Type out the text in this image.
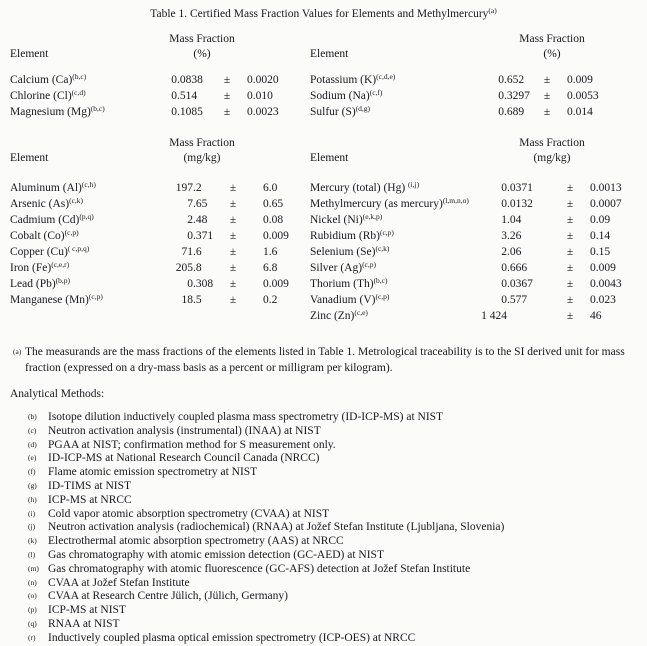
Table 1. Certified Mass Fraction Values for Elements and Methylmercury$^{(a)}$
Mass Fraction
(%)
Mass Fraction
(%)
Element	Element
Calcium $(Ca)^{(b,c)}$	0 .0838	±	0.0020
Chlorine $(Cl)^{(c,d)}$	0 .514	±	0.010
Magnesium $(Mg)^{(b,c)}$	0 .1085	±	0.0023
Potassium $(K)^{(c,d,e)}$	0 .652	±	0.009
Sodium $(Na)^{(c,f)}$	0 .3297	±	0.0053
Sulfur $(S)^{(d,g)}$	0 .689	±	0.014
Mass Fraction
(mg/kg)
Mass Fraction
(mg/kg)
Element	Element
Aluminum $(Al)^{(c,h)}$	197 .2	±	6.0
Arsenic $(As)^{(c,k)}$	7 .65	±	0.65
Cadmium $(Cd)^{(p,q)}$	2 .48	±	0.08
Cobalt $(Co)^{(c,p)}$	0 .371	±	0.009
Copper $(Cu)^{( c,p,q)}$	71 .6	±	1.6
Iron $(Fe)^{(c,e,r)}$	205 .8	±	6.8
Lead $(Pb)^{(b,p)}$	0 .308	±	0.009
Manganese $(Mn)^{(c,p)}$	18 .5	±	0.2
Mercury (total) (Hg) $^{(i,j)}$	0 .0371	±	0.0013
Methylmercury (as mercury)$^{(l,m,n,o)}$	0 .0132	±	0.0007
Nickel $(Ni)^{(e,k,p)}$	1 .04	±	0.09
Rubidium $(Rb)^{(c,p)}$	3 .26	±	0.14
Selenium $(Se)^{(c,k)}$	2 .06	±	0.15
Silver $(Ag)^{(c,p)}$	0 .666	±	0.009
Thorium $(Th)^{(b,c)}$	0 .0367	±	0.0043
Vanadium $(V)^{(c,p)}$	0 .577	±	0.023
Zinc $(Zn)^{(c,e)}$	1 424	±	46
(a) The measurands are the mass fractions of the elements listed in Table 1. Metrological traceability is to the SI derived unit for mass fraction (expressed on a dry-mass basis as a percent or milligram per kilogram).
Analytical Methods:
(b) Isotope dilution inductively coupled plasma mass spectrometry (ID-ICP-MS) at NIST
(c) Neutron activation analysis (instrumental) (INAA) at NIST
(d) PGAA at NIST; confirmation method for S measurement only.
(e) ID-ICP-MS at National Research Council Canada (NRCC)
(f) Flame atomic emission spectrometry at NIST
(g) ID-TIMS at NIST
(h) ICP-MS at NRCC
(i) Cold vapor atomic absorption spectrometry (CVAA) at NIST
(j) Neutron activation analysis (radiochemical) (RNAA) at Jožef Stefan Institute (Ljubljana, Slovenia)
(k) Electrothermal atomic absorption spectrometry (AAS) at NRCC
(l) Gas chromatography with atomic emission detection (GC-AED) at NIST
(m) Gas chromatography with atomic fluorescence (GC-AFS) detection at Jožef Stefan Institute
(n) CVAA at Jožef Stefan Institute
(o) CVAA at Research Centre Jülich, (Jülich, Germany)
(p) ICP-MS at NIST
(q) RNAA at NIST
(r) Inductively coupled plasma optical emission spectrometry (ICP-OES) at NRCC
